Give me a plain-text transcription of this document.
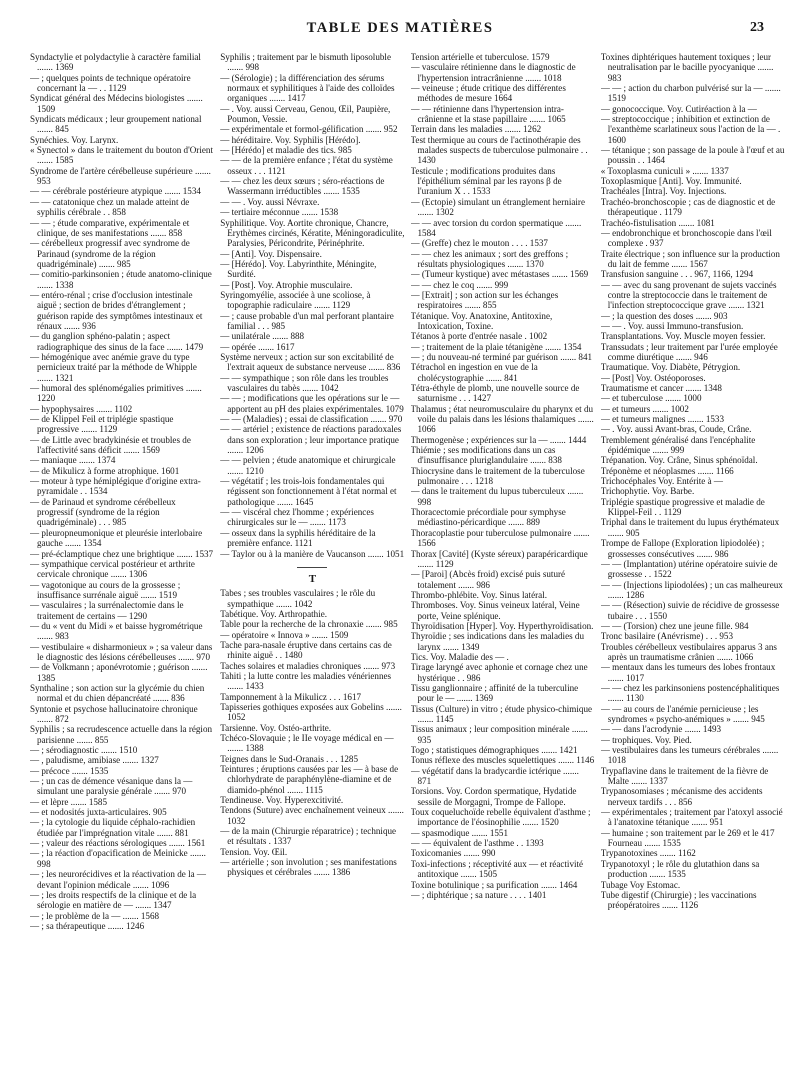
TABLE DES MATIÈRES	23

Syndactylie et polydactylie à caractère familial ....... 1369

— ; quelques points de technique opératoire concernant la — . . 1129

Syndicat général des Médecins biologistes ....... 1509

Syndicats médicaux ; leur groupement national ....... 845

Synéchies. Voy. Larynx.

« Synectol » dans le traitement du bouton d'Orient ....... 1585

Syndrome de l'artère cérébelleuse supérieure ....... 953

— — cérébrale postérieure atypique ....... 1534

— — catatonique chez un malade atteint de syphilis cérébrale . . 858

— — ; étude comparative, expérimentale et clinique, de ses manifestations ....... 858

— cérébelleux progressif avec syndrome de Parinaud (syndrome de la région quadrigéminale) ....... 985

— comitio-parkinsonien ; étude anatomo-clinique ....... 1338

— entéro-rénal ; crise d'occlusion intestinale aiguë ; section de brides d'étranglement ; guérison rapide des symptômes intestinaux et rénaux ....... 936

— du ganglion sphéno-palatin ; aspect radiographique des sinus de la face ....... 1479

— hémogénique avec anémie grave du type pernicieux traité par la méthode de Whipple ....... 1321

— humoral des splénomégalies primitives ....... 1220

— hypophysaires ....... 1102

— de Klippel Feil et triplégie spastique progressive ....... 1129

— de Little avec bradykinésie et troubles de l'affectivité sans déficit ....... 1569

— maniaque ....... 1374

— de Mikulicz à forme atrophique. 1601

— moteur à type hémiplégique d'origine extra-pyramidale . . 1534

— de Parinaud et syndrome cérébelleux progressif (syndrome de la région quadrigéminale) . . . 985

— pleuropneumonique et pleurésie interlobaire gauche ....... 1354

— pré-éclamptique chez une brightique ....... 1537

— sympathique cervical postérieur et arthrite cervicale chronique ....... 1306

— vagotonique au cours de la grossesse ; insuffisance surrénale aiguë ....... 1519

— vasculaires ; la surrénalectomie dans le traitement de certains — 1290

— du « vent du Midi » et baisse hygrométrique ....... 983

— vestibulaire « disharmonieux » ; sa valeur dans le diagnostic des lésions cérébelleuses ....... 970

— de Volkmann ; aponévrotomie ; guérison ....... 1385

Synthaline ; son action sur la glycémie du chien normal et du chien dépancréaté ....... 836

Syntonie et psychose hallucinatoire chronique ....... 872

Syphilis ; sa recrudescence actuelle dans la région parisienne ....... 855

— ; sérodiagnostic ....... 1510

— , paludisme, amibiase ....... 1327

— précoce ....... 1535

— ; un cas de démence vésanique dans la — simulant une paralysie générale ....... 970

— et lèpre ....... 1585

— et nodosités juxta-articulaires. 905

— ; la cytologie du liquide céphalo-rachidien étudiée par l'imprégnation vitale ....... 881

— ; valeur des réactions sérologiques ....... 1561

— ; la réaction d'opacification de Meinicke ....... 998

— ; les neurorécidives et la réactivation de la — devant l'opinion médicale ....... 1096

— ; les droits respectifs de la clinique et de la sérologie en matière de — ....... 1347

— ; le problème de la — ....... 1568

— ; sa thérapeutique ....... 1246

Syphilis ; traitement par le bismuth liposoluble ....... 998

— (Sérologie) ; la différenciation des sérums normaux et syphilitiques à l'aide des colloïdes organiques ....... 1417

— . Voy. aussi Cerveau, Genou, Œil, Paupière, Poumon, Vessie.

— expérimentale et formol-gélification ....... 952

— héréditaire. Voy. Syphilis [Hérédo].

— [Hérédo] et maladie des tics. 985

— — de la première enfance ; l'état du système osseux . . . 1121

— — chez les deux sœurs ; séro-réactions de Wassermann irréductibles ....... 1535

— — . Voy. aussi Névraxe.

— tertiaire méconnue ....... 1538

Syphilitique. Voy. Aortite chronique, Chancre, Erythèmes circinés, Kératite, Méningoradiculite, Paralysies, Péricondrite, Périnéphrite.

— [Anti]. Voy. Dispensaire.

— [Hérédo]. Voy. Labyrinthite, Méningite, Surdité.

— [Post]. Voy. Atrophie musculaire.

Syringomyélie, associée à une scoliose, à topographie radiculaire ....... 1129

— ; cause probable d'un mal perforant plantaire familial . . . 985

— unilatérale ....... 888

— opérée ....... 1617

Système nerveux ; action sur son excitabilité de l'extrait aqueux de substance nerveuse ....... 836

— — sympathique ; son rôle dans les troubles vasculaires du tabès ....... 1042

— — ; modifications que les opérations sur le — apportent au pH des plaies expérimentales. 1079

— — (Maladies) ; essai de classification ....... 970

— — artériel ; existence de réactions paradoxales dans son exploration ; leur importance pratique ....... 1206

— — pelvien ; étude anatomique et chirurgicale ....... 1210

— végétatif ; les trois-lois fondamentales qui régissent son fonctionnement à l'état normal et pathologique ....... 1645

— — viscéral chez l'homme ; expériences chirurgicales sur le — ....... 1173

— osseux dans la syphilis héréditaire de la première enfance. 1121

— Taylor ou à la manière de Vaucanson ....... 1051

T

Tabes ; ses troubles vasculaires ; le rôle du sympathique ....... 1042

Tabétique. Voy. Arthropathie.

Table pour la recherche de la chronaxie ....... 985

— opératoire « Innova » ....... 1509

Tache para-nasale éruptive dans certains cas de rhinite aiguë . . 1480

Taches solaires et maladies chroniques ....... 973

Tahiti ; la lutte contre les maladies vénériennes ....... 1433

Tamponnement à la Mikulicz . . . 1617

Tapisseries gothiques exposées aux Gobelins ....... 1052

Tarsienne. Voy. Ostéo-arthrite.

Tchéco-Slovaquie ; le IIe voyage médical en — ....... 1388

Teignes dans le Sud-Oranais . . . 1285

Teintures ; éruptions causées par les — à base de chlorhydrate de paraphénylène-diamine et de diamido-phénol ....... 1115

Tendineuse. Voy. Hyperexcitivité.

Tendons (Suture) avec enchaînement veineux ....... 1032

— de la main (Chirurgie réparatrice) ; technique et résultats . 1337

Tension. Voy. Œil.

— artérielle ; son involution ; ses manifestations physiques et cérébrales ....... 1386

Tension artérielle et tuberculose. 1579

— vasculaire rétinienne dans le diagnostic de l'hypertension intracrânienne ....... 1018

— veineuse ; étude critique des différentes méthodes de mesure 1664

— — rétinienne dans l'hypertension intra-crânienne et la stase papillaire ....... 1065

Terrain dans les maladies ....... 1262

Test thermique au cours de l'actinothérapie des malades suspects de tuberculose pulmonaire . . 1430

Testicule ; modifications produites dans l'épithélium séminal par les rayons β de l'uranium X . . 1533

— (Ectopie) simulant un étranglement herniaire ....... 1302

— — avec torsion du cordon spermatique ....... 1584

— (Greffe) chez le mouton . . . . 1537

— — chez les animaux ; sort des greffons ; résultats physiologiques ....... 1370

— (Tumeur kystique) avec métastases ....... 1569

— — chez le coq ....... 999

— [Extrait] ; son action sur les échanges respiratoires ....... 855

Tétanique. Voy. Anatoxine, Antitoxine, Intoxication, Toxine.

Tétanos à porte d'entrée nasale . 1002

— ; traitement de la plaie tétanigène ....... 1354

— ; du nouveau-né terminé par guérison ....... 841

Tétrachol en ingestion en vue de la cholécystographie ....... 841

Tétra-éthyle de plomb, une nouvelle source de saturnisme . . . 1427

Thalamus ; état neuromusculaire du pharynx et du voile du palais dans les lésions thalamiques ....... 1066

Thermogenèse ; expériences sur la — ....... 1444

Thiémie ; ses modifications dans un cas d'insuffisance pluriglandulaire ....... 838

Thiocrysine dans le traitement de la tuberculose pulmonaire . . . 1218

— dans le traitement du lupus tuberculeux ....... 998

Thoracectomie précordiale pour symphyse médiastino-péricardique ....... 889

Thoracoplastie pour tuberculose pulmonaire ....... 1566

Thorax [Cavité] (Kyste séreux) parapéricardique ....... 1129

— [Paroi] (Abcès froid) excisé puis suturé totalement ....... 986

Thrombo-phlébite. Voy. Sinus latéral.

Thromboses. Voy. Sinus veineux latéral, Veine porte, Veine splénique.

Thyroïdisation [Hyper]. Voy. Hyperthyroïdisation.

Thyroïdie ; ses indications dans les maladies du larynx ....... 1349

Tics. Voy. Maladie des — .

Tirage laryngé avec aphonie et cornage chez une hystérique . . 986

Tissu ganglionnaire ; affinité de la tuberculine pour le — ....... 1369

Tissus (Culture) in vitro ; étude physico-chimique ....... 1145

Tissus animaux ; leur composition minérale ....... 935

Togo ; statistiques démographiques ....... 1421

Tonus réflexe des muscles squelettiques ....... 1146

— végétatif dans la bradycardie ictérique ....... 871

Torsions. Voy. Cordon spermatique, Hydatide sessile de Morgagni, Trompe de Fallope.

Toux coqueluchoïde rebelle équivalent d'asthme ; importance de l'éosinophilie ....... 1520

— spasmodique ....... 1551

— — équivalent de l'asthme . . 1393

Toxicomanies ....... 990

Toxi-infections ; réceptivité aux — et réactivité antitoxique ....... 1505

Toxine botulinique ; sa purification ....... 1464

— ; diphtérique ; sa nature . . . . 1401

Toxines diphtériques hautement toxiques ; leur neutralisation par le bacille pyocyanique ....... 983

— — ; action du charbon pulvérisé sur la — ....... 1519

— gonococcique. Voy. Cutiréaction à la —

— streptococcique ; inhibition et extinction de l'exanthème scarlatineux sous l'action de la — . 1600

— tétanique ; son passage de la poule à l'œuf et au poussin . . 1464

« Toxoplasma cuniculi » ....... 1337

Toxoplasmique [Anti]. Voy. Immunité.

Trachéales [Intra]. Voy. Injections.

Trachéo-bronchoscopie ; cas de diagnostic et de thérapeutique . 1179

Trachéo-fistulisation ....... 1081

— endobronchique et bronchoscopie dans l'œil complexe . 937

Traite électrique ; son influence sur la production du lait de femme ....... 1567

Transfusion sanguine . . . 967, 1166, 1294

— — avec du sang provenant de sujets vaccinés contre la streptococcie dans le traitement de l'infection streptococcique grave ....... 1321

— ; la question des doses ....... 903

— — . Voy. aussi Immuno-transfusion.

Transplantations. Voy. Muscle moyen fessier.

Transsudats ; leur traitement par l'urée employée comme diurétique ....... 946

Traumatique. Voy. Diabète, Pétrygion.

— [Post] Voy. Ostéoporoses.

Traumatisme et cancer ....... 1348

— et tuberculose ....... 1000

— et tumeurs ....... 1002

— et tumeurs malignes ....... 1533

— . Voy. aussi Avant-bras, Coude, Crâne.

Tremblement généralisé dans l'encéphalite épidémique ....... 999

Trépanation. Voy. Crâne, Sinus sphénoïdal.

Tréponème et néoplasmes ....... 1166

Trichocéphales Voy. Entérite à —

Trichophytie. Voy. Barbe.

Triplégie spastique progressive et maladie de Klippel-Feil . . 1129

Triphal dans le traitement du lupus érythémateux ....... 905

Trompe de Fallope (Exploration lipiodolée) ; grossesses consécutives ....... 986

— — (Implantation) utérine opératoire suivie de grossesse . . 1522

— — (Injections lipiodolées) ; un cas malheureux ....... 1286

— — (Résection) suivie de récidive de grossesse tubaire . . . 1550

— — (Torsion) chez une jeune fille. 984

Tronc basilaire (Anévrisme) . . . 953

Troubles cérébelleux vestibulaires apparus 3 ans après un traumatisme crânien ....... 1066

— mentaux dans les tumeurs des lobes frontaux ....... 1017

— — chez les parkinsoniens postencéphalitiques ....... 1130

— — au cours de l'anémie pernicieuse ; les syndromes « psycho-anémiques » ....... 945

— — dans l'acrodynie ....... 1493

— trophiques. Voy. Pied.

— vestibulaires dans les tumeurs cérébrales ....... 1018

Trypaflavine dans le traitement de la fièvre de Malte ....... 1337

Trypanosomiases ; mécanisme des accidents nerveux tardifs . . . 856

— expérimentales ; traitement par l'atoxyl associé à l'anatoxine tétanique ....... 951

— humaine ; son traitement par le 269 et le 417 Fourneau ....... 1535

Trypanotoxines ....... 1162

Trypanotoxyl ; le rôle du glutathion dans sa production ....... 1535

Tubage Voy Estomac.

Tube digestif (Chirurgie) ; les vaccinations préopératoires ....... 1126
